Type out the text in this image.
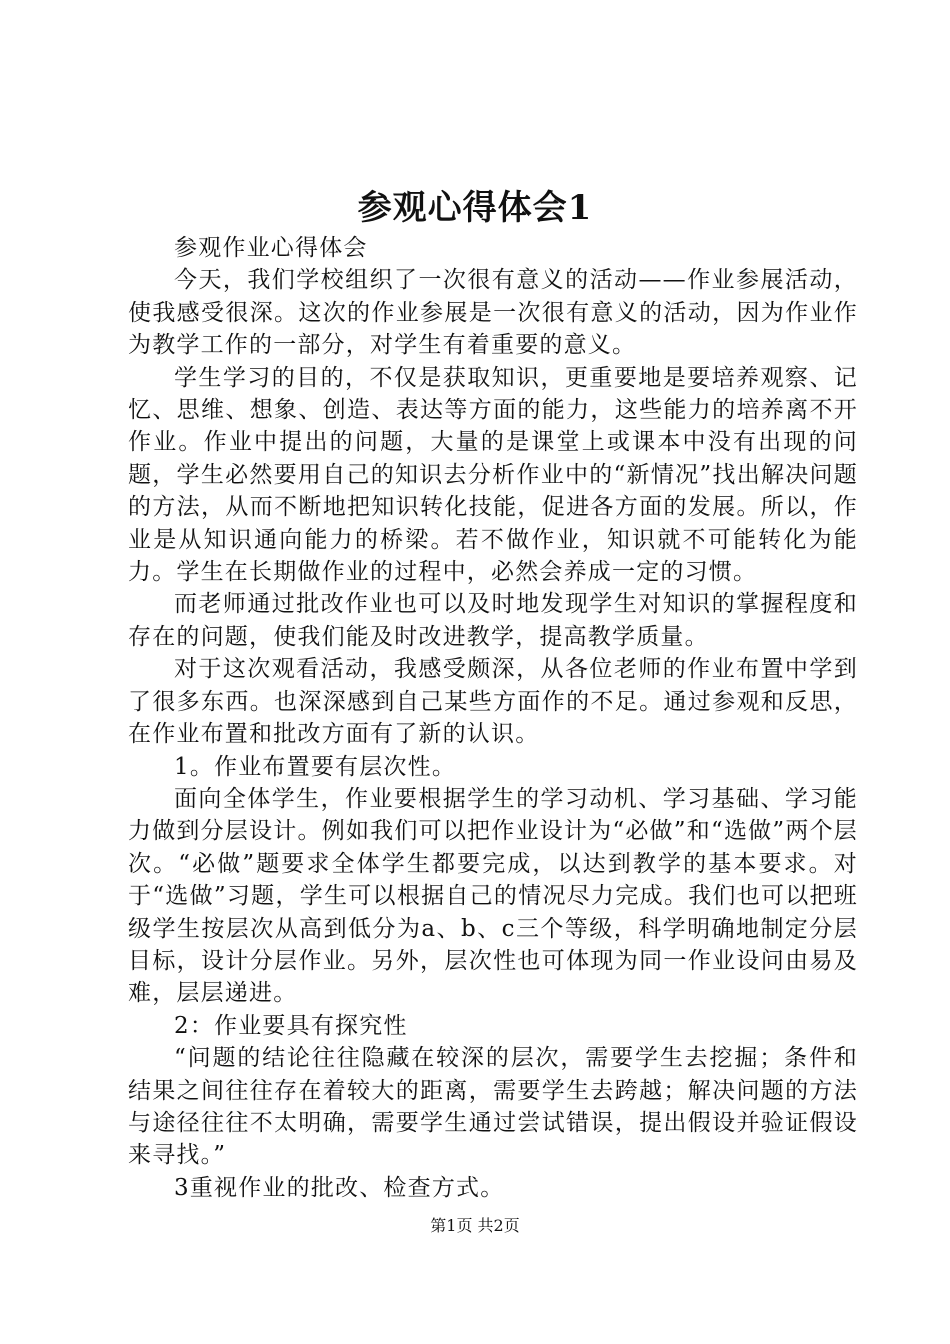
参观心得体会1

参观作业心得体会

今天，我们学校组织了一次很有意义的活动——作业参展活动，使我感受很深。这次的作业参展是一次很有意义的活动，因为作业作为教学工作的一部分，对学生有着重要的意义。

学生学习的目的，不仅是获取知识，更重要地是要培养观察、记忆、思维、想象、创造、表达等方面的能力，这些能力的培养离不开作业。作业中提出的问题，大量的是课堂上或课本中没有出现的问题，学生必然要用自己的知识去分析作业中的“新情况”找出解决问题的方法，从而不断地把知识转化技能，促进各方面的发展。所以，作业是从知识通向能力的桥梁。若不做作业，知识就不可能转化为能力。学生在长期做作业的过程中，必然会养成一定的习惯。

而老师通过批改作业也可以及时地发现学生对知识的掌握程度和存在的问题，使我们能及时改进教学，提高教学质量。

对于这次观看活动，我感受颇深，从各位老师的作业布置中学到了很多东西。也深深感到自己某些方面作的不足。通过参观和反思，在作业布置和批改方面有了新的认识。

1。作业布置要有层次性。

面向全体学生，作业要根据学生的学习动机、学习基础、学习能力做到分层设计。例如我们可以把作业设计为“必做”和“选做”两个层次。“必做”题要求全体学生都要完成，以达到教学的基本要求。对于“选做”习题，学生可以根据自己的情况尽力完成。我们也可以把班级学生按层次从高到低分为a、b、c三个等级，科学明确地制定分层目标，设计分层作业。另外，层次性也可体现为同一作业设问由易及难，层层递进。

2：作业要具有探究性

“问题的结论往往隐藏在较深的层次，需要学生去挖掘；条件和结果之间往往存在着较大的距离，需要学生去跨越；解决问题的方法与途径往往不太明确，需要学生通过尝试错误，提出假设并验证假设来寻找。”

3重视作业的批改、检查方式。

第1页 共2页
